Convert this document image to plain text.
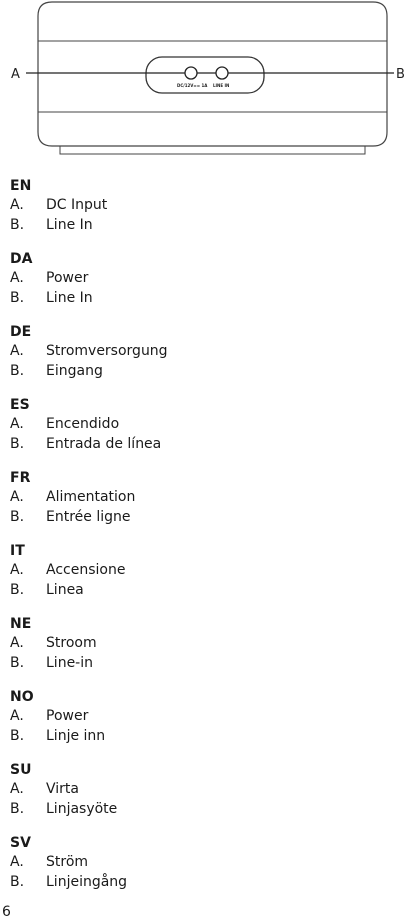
DC/12V== 1A LINE IN
A	B
EN
A.	DC Input
B.	Line In
DA
A.	Power
B.	Line In
DE
A.	Stromversorgung
B.	Eingang
ES
A.	Encendido
B.	Entrada de línea
FR
A.	Alimentation
B.	Entrée ligne
IT
A.	Accensione
B.	Linea
NE
A.	Stroom
B.	Line-in
NO
A.	Power
B.	Linje inn
SU
A.	Virta
B.	Linjasyöte
SV
A.	Ström
B.	Linjeingång
6
